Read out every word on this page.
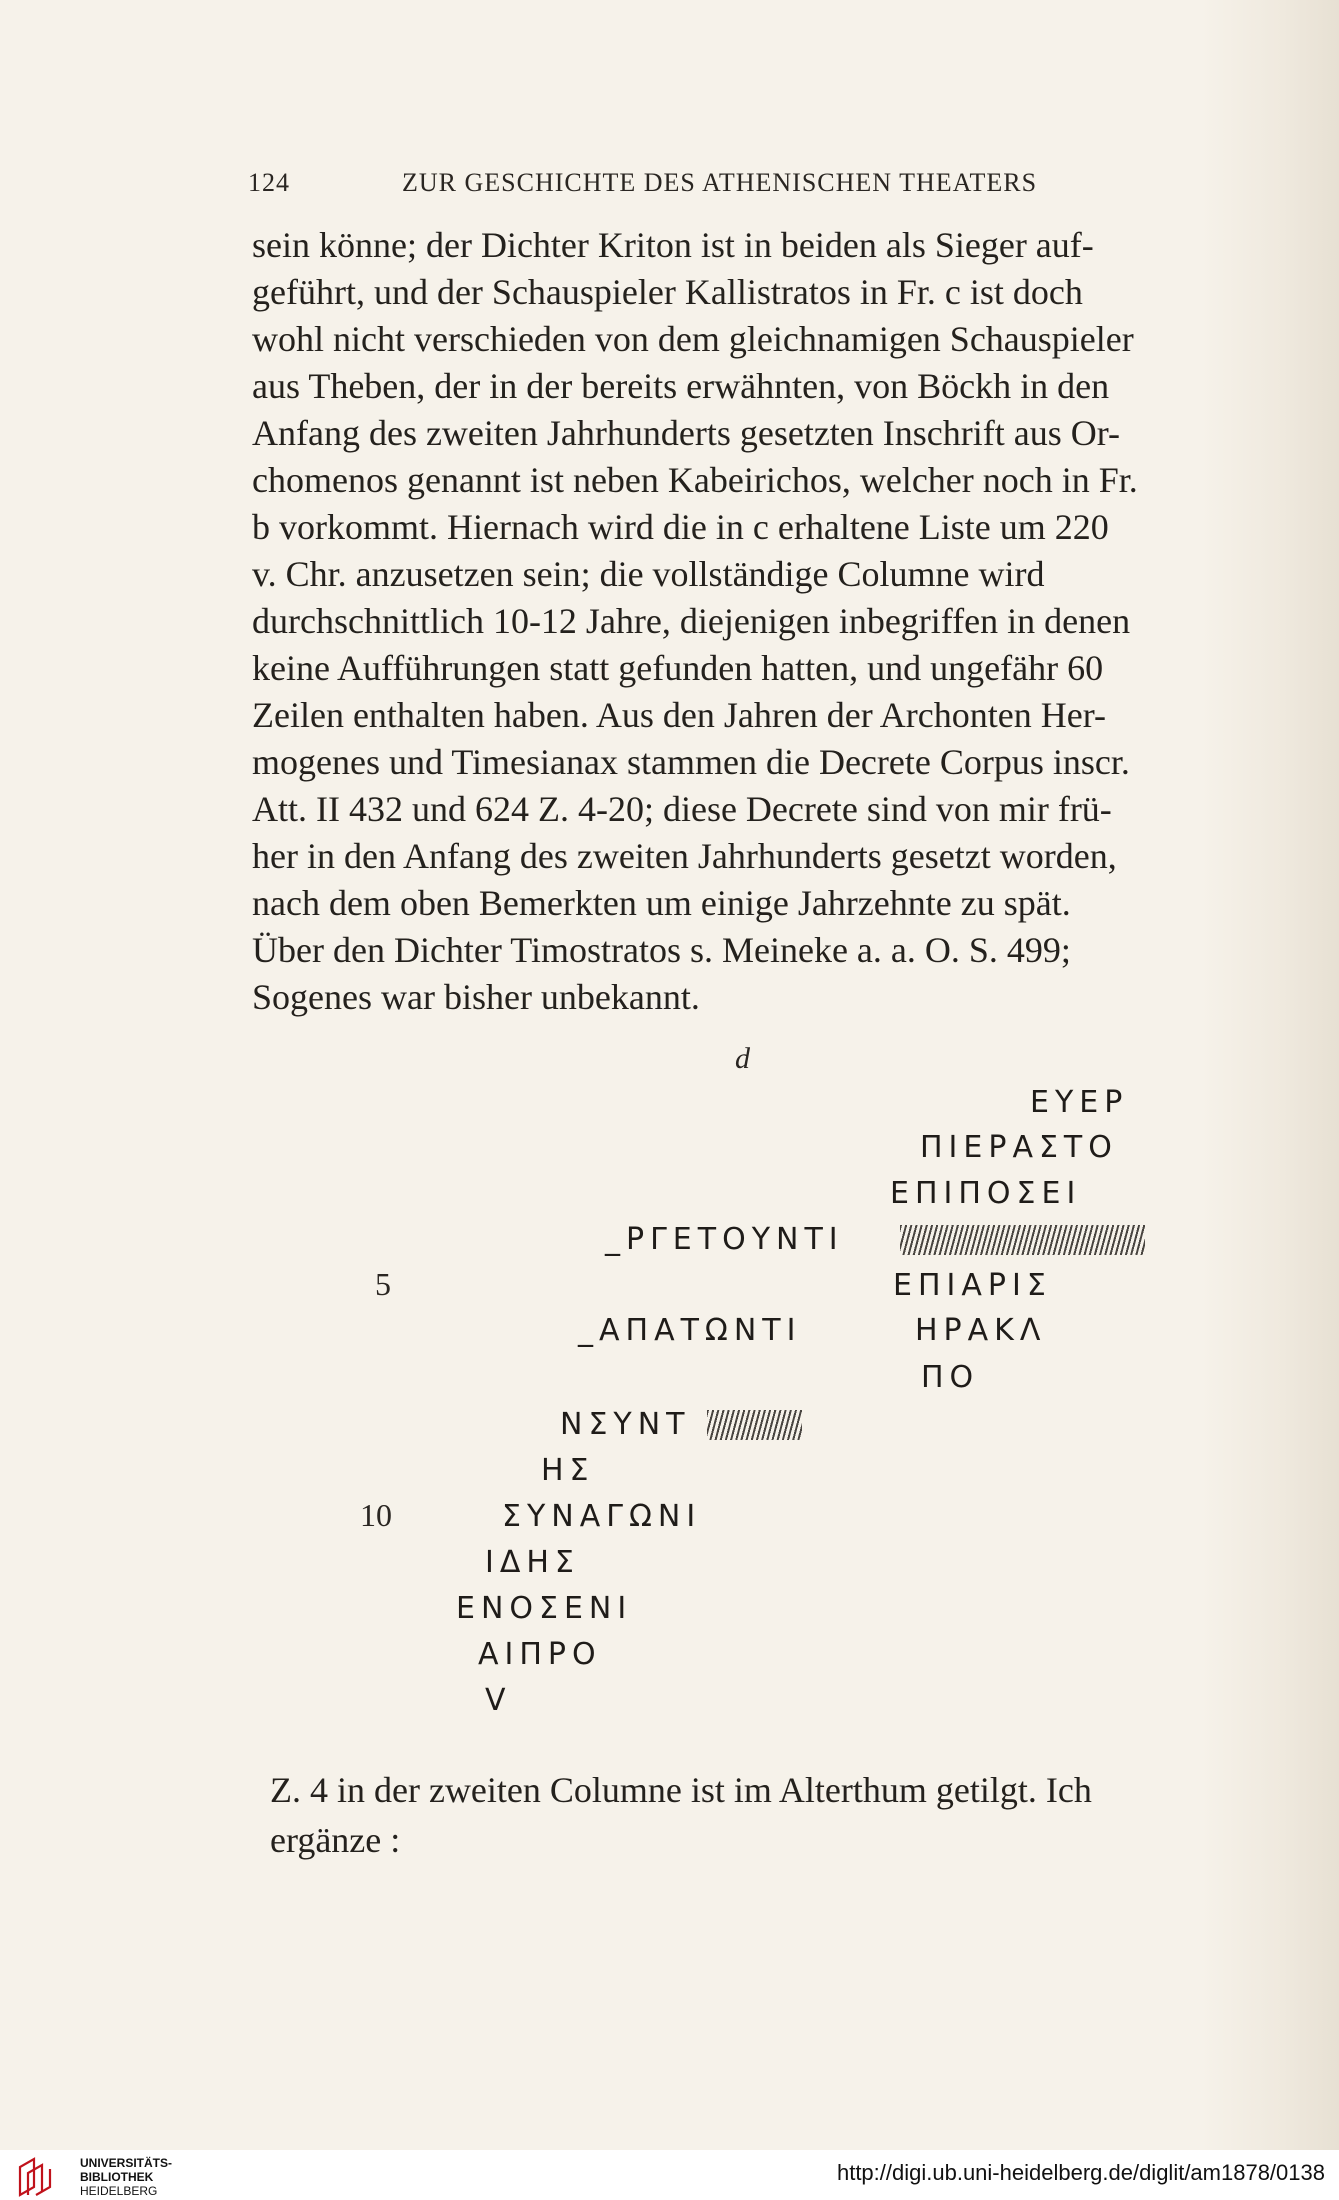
124	ZUR GESCHICHTE DES ATHENISCHEN THEATERS
sein könne; der Dichter Kriton ist in beiden als Sieger auf-
geführt, und der Schauspieler Kallistratos in Fr. c ist doch
wohl nicht verschieden von dem gleichnamigen Schauspieler
aus Theben, der in der bereits erwähnten, von Böckh in den
Anfang des zweiten Jahrhunderts gesetzten Inschrift aus Or-
chomenos genannt ist neben Kabeirichos, welcher noch in Fr.
b vorkommt. Hiernach wird die in c erhaltene Liste um 220
v. Chr. anzusetzen sein; die vollständige Columne wird
durchschnittlich 10-12 Jahre, diejenigen inbegriffen in denen
keine Aufführungen statt gefunden hatten, und ungefähr 60
Zeilen enthalten haben. Aus den Jahren der Archonten Her-
mogenes und Timesianax stammen die Decrete Corpus inscr.
Att. II 432 und 624 Z. 4-20; diese Decrete sind von mir frü-
her in den Anfang des zweiten Jahrhunderts gesetzt worden,
nach dem oben Bemerkten um einige Jahrzehnte zu spät.
Über den Dichter Timostratos s. Meineke a. a. O. S. 499;
Sogenes war bisher unbekannt.
d
ΕΥΕΡ
ΠΙΕΡΑΣΤΟ
ΕΠΙΠΟΣΕΙ
_ΡΓΕΤΟΥΝΤΙ
5	ΕΠΙΑΡΙΣ
_ΑΠΑΤΩΝΤΙ	ΗΡΑΚΛ
ΠΟ
ΝΣΥΝΤ
ΗΣ
10	ΣΥΝΑΓΩΝΙ
ΙΔΗΣ
ΕΝΟΣΕΝΙ
ΑΙΠΡΟ
V
Z. 4 in der zweiten Columne ist im Alterthum getilgt. Ich
ergänze :
UNIVERSITÄTS-
BIBLIOTHEK
HEIDELBERG
http://digi.ub.uni-heidelberg.de/diglit/am1878/0138
